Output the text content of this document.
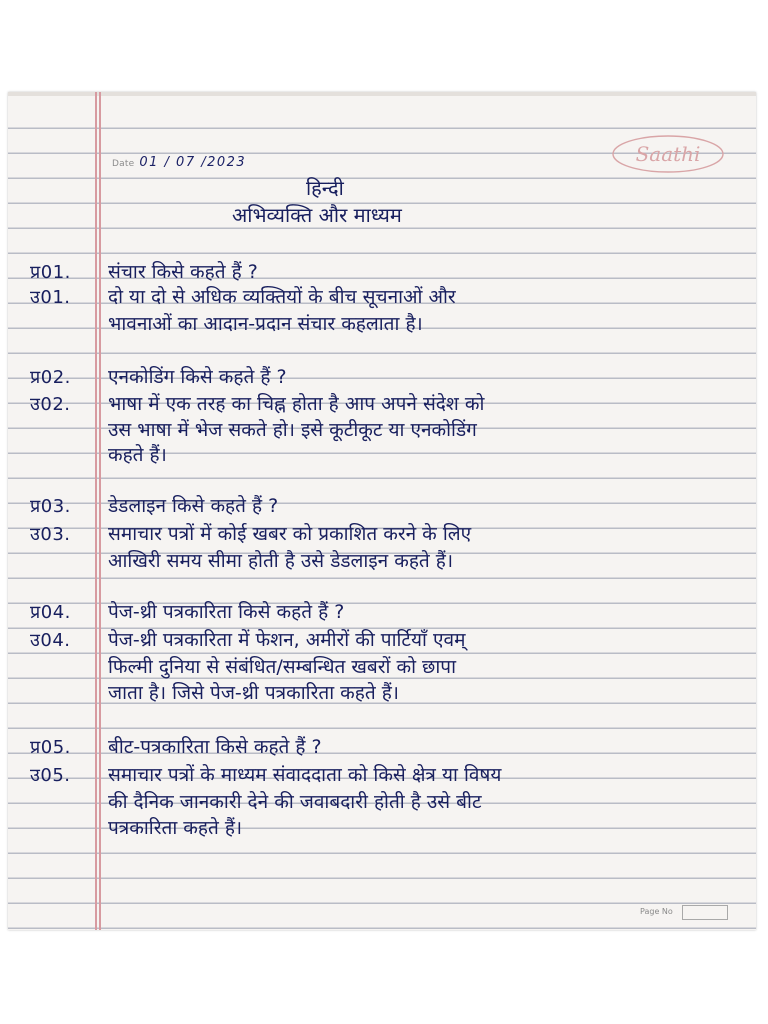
Date 01 / 07 /2023	Saathi
हिन्दी
अभिव्यक्ति और माध्यम
प्र01. संचार किसे कहते हैं ?
उ01. दो या दो से अधिक व्यक्तियों के बीच सूचनाओं और
भावनाओं का आदान-प्रदान संचार कहलाता है।
प्र02. एनकोडिंग किसे कहते हैं ?
उ02. भाषा में एक तरह का चिह्न होता है आप अपने संदेश को
उस भाषा में भेज सकते हो। इसे कूटीकूट या एनकोडिंग
कहते हैं।
प्र03. डेडलाइन किसे कहते हैं ?
उ03. समाचार पत्रों में कोई खबर को प्रकाशित करने के लिए
आखिरी समय सीमा होती है उसे डेडलाइन कहते हैं।
प्र04. पेज-थ्री पत्रकारिता किसे कहते हैं ?
उ04. पेज-थ्री पत्रकारिता में फेशन, अमीरों की पार्टियाँ एवम्
फिल्मी दुनिया से संबंधित/सम्बन्धित खबरों को छापा
जाता है। जिसे पेज-थ्री पत्रकारिता कहते हैं।
प्र05. बीट-पत्रकारिता किसे कहते हैं ?
उ05. समाचार पत्रों के माध्यम संवाददाता को किसे क्षेत्र या विषय
की दैनिक जानकारी देने की जवाबदारी होती है उसे बीट
पत्रकारिता कहते हैं।
Page No
